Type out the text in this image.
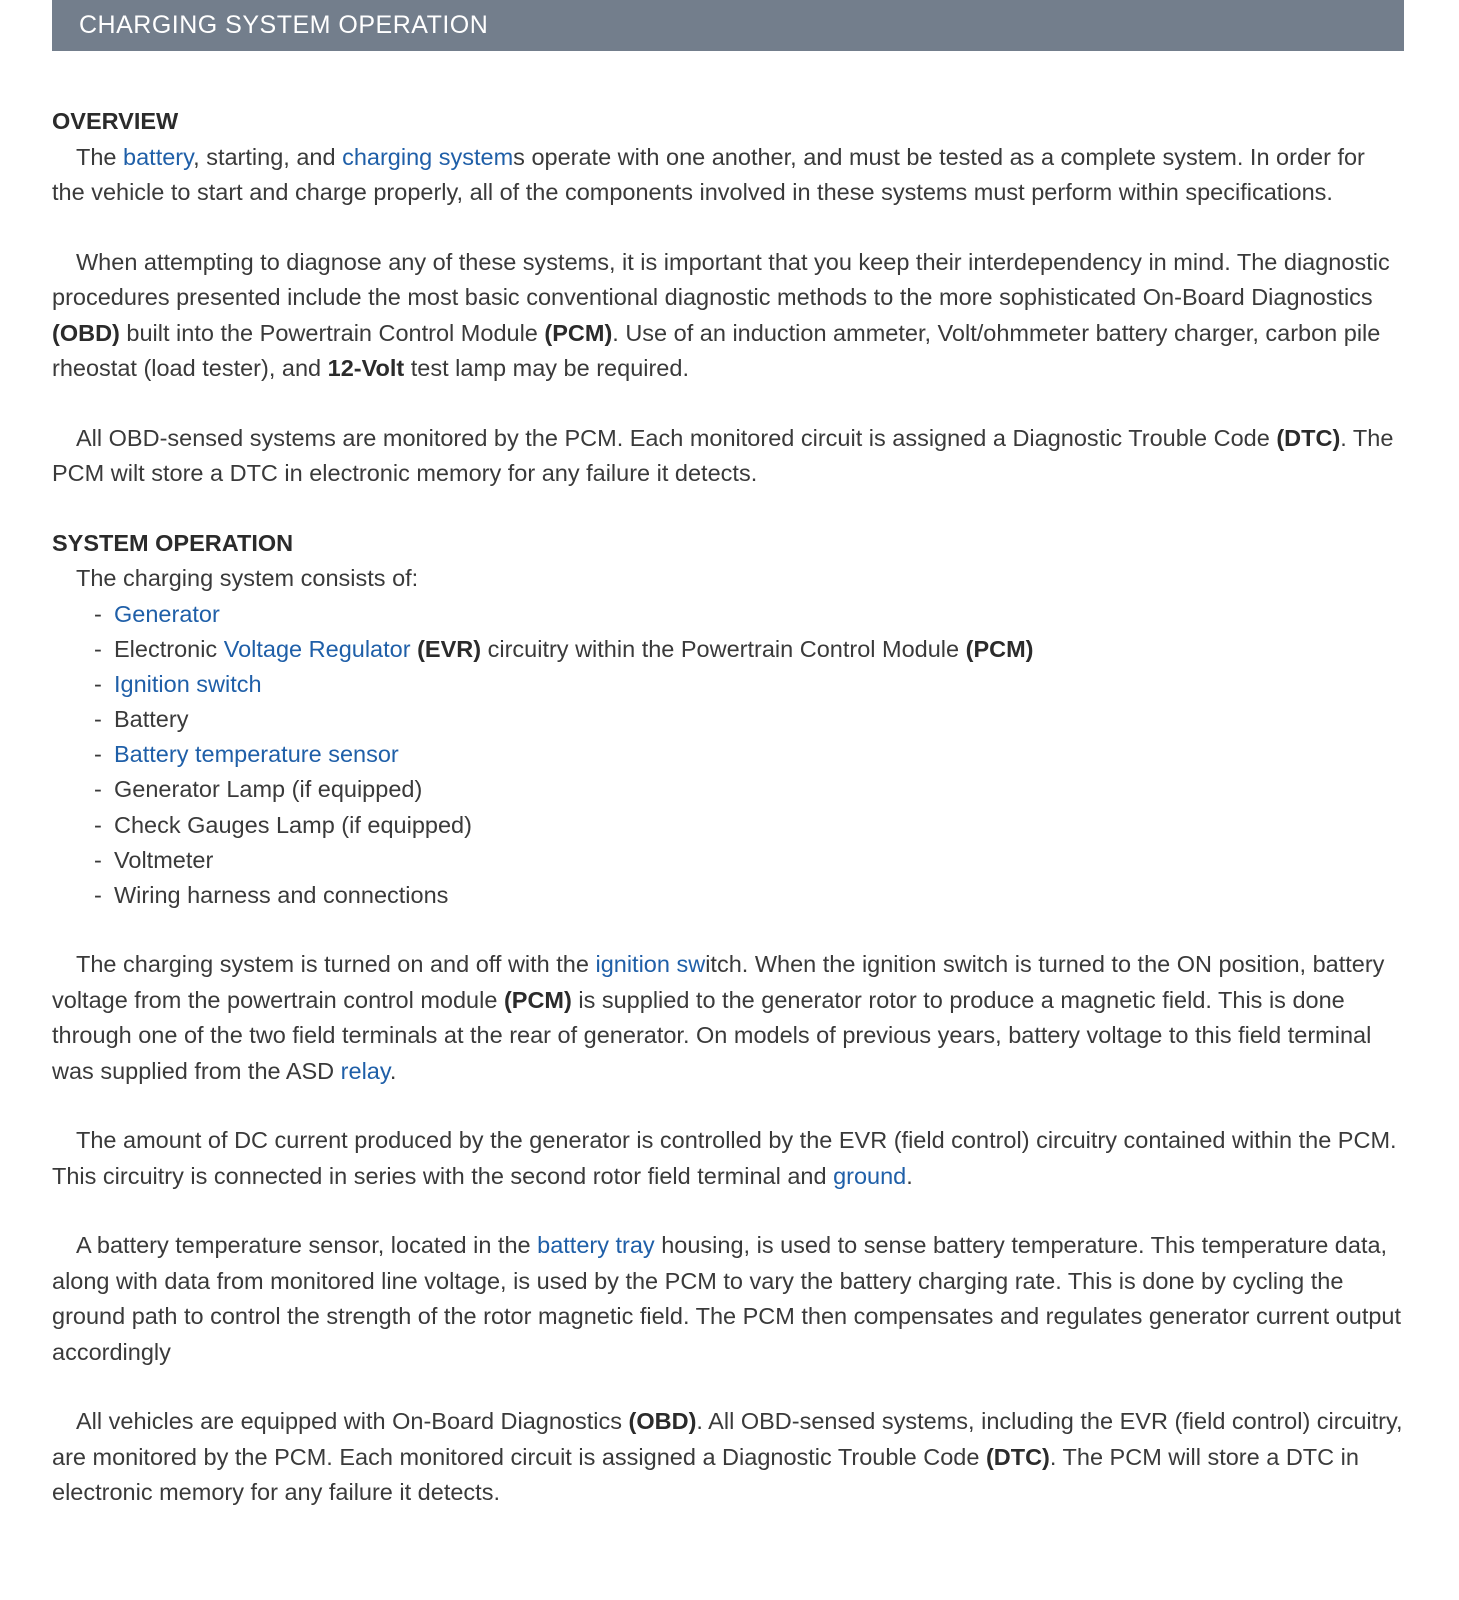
CHARGING SYSTEM OPERATION

OVERVIEW

The battery, starting, and charging systems operate with one another, and must be tested as a complete system. In order for the vehicle to start and charge properly, all of the components involved in these systems must perform within specifications.

When attempting to diagnose any of these systems, it is important that you keep their interdependency in mind. The diagnostic procedures presented include the most basic conventional diagnostic methods to the more sophisticated On-Board Diagnostics (OBD) built into the Powertrain Control Module (PCM). Use of an induction ammeter, Volt/ohmmeter battery charger, carbon pile rheostat (load tester), and 12-Volt test lamp may be required.

All OBD-sensed systems are monitored by the PCM. Each monitored circuit is assigned a Diagnostic Trouble Code (DTC). The PCM wilt store a DTC in electronic memory for any failure it detects.

SYSTEM OPERATION

The charging system consists of:

- Generator
- Electronic Voltage Regulator (EVR) circuitry within the Powertrain Control Module (PCM)
- Ignition switch
- Battery
- Battery temperature sensor
- Generator Lamp (if equipped)
- Check Gauges Lamp (if equipped)
- Voltmeter
- Wiring harness and connections

The charging system is turned on and off with the ignition switch. When the ignition switch is turned to the ON position, battery voltage from the powertrain control module (PCM) is supplied to the generator rotor to produce a magnetic field. This is done through one of the two field terminals at the rear of generator. On models of previous years, battery voltage to this field terminal was supplied from the ASD relay.

The amount of DC current produced by the generator is controlled by the EVR (field control) circuitry contained within the PCM. This circuitry is connected in series with the second rotor field terminal and ground.

A battery temperature sensor, located in the battery tray housing, is used to sense battery temperature. This temperature data, along with data from monitored line voltage, is used by the PCM to vary the battery charging rate. This is done by cycling the ground path to control the strength of the rotor magnetic field. The PCM then compensates and regulates generator current output accordingly

All vehicles are equipped with On-Board Diagnostics (OBD). All OBD-sensed systems, including the EVR (field control) circuitry, are monitored by the PCM. Each monitored circuit is assigned a Diagnostic Trouble Code (DTC). The PCM will store a DTC in electronic memory for any failure it detects.
